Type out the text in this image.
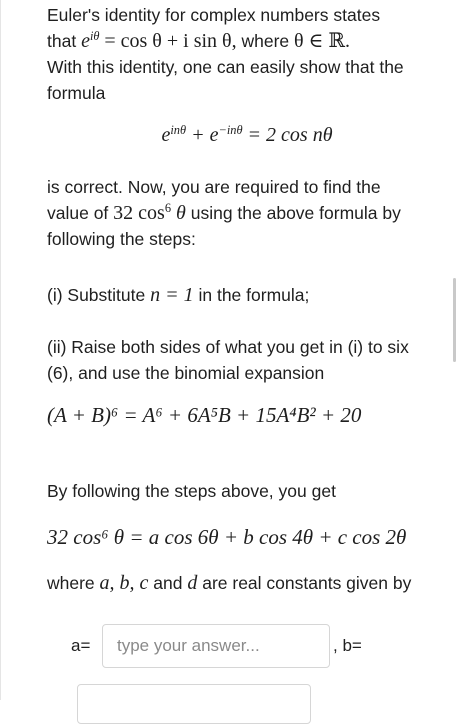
Euler's identity for complex numbers states

that $e^{i\theta} = \cos \theta + i$ sin θ, where θ ∈ ℝ.

With this identity, one can easily show that the

formula

$e^{in\theta} + e^{-in\theta} = 2$ cos nθ

is correct. Now, you are required to find the

value of 32 $\cos^6 \theta$ using the above formula by

following the steps:

(i) Substitute n = 1 in the formula;

(ii) Raise both sides of what you get in (i) to six

(6), and use the binomial expansion

(A + B)⁶ = A⁶ + 6A⁵B + 15A⁴B² + 20

By following the steps above, you get

32 cos⁶ θ = a cos 6θ + b cos 4θ + c cos 2θ

where a, b, c and d are real constants given by

a=
type your answer...	, b=
